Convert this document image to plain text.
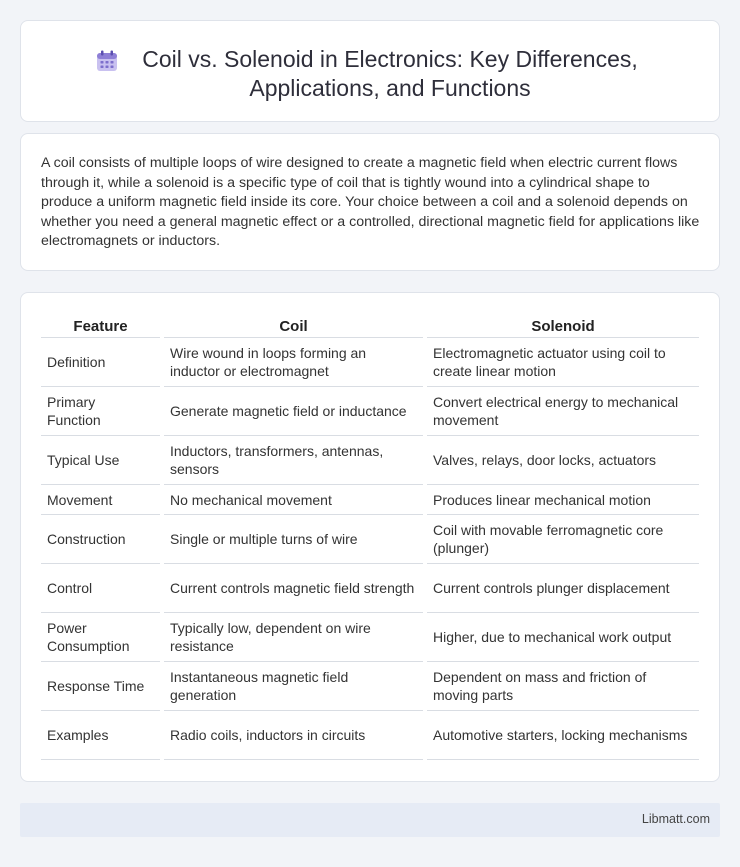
Coil vs. Solenoid in Electronics: Key Differences, Applications, and Functions

A coil consists of multiple loops of wire designed to create a magnetic field when electric current flows through it, while a solenoid is a specific type of coil that is tightly wound into a cylindrical shape to produce a uniform magnetic field inside its core. Your choice between a coil and a solenoid depends on whether you need a general magnetic effect or a controlled, directional magnetic field for applications like electromagnets or inductors.

Feature		Coil		Solenoid
Definition		Wire wound in loops forming an inductor or electromagnet		Electromagnetic actuator using coil to create linear motion
Primary Function		Generate magnetic field or inductance		Convert electrical energy to mechanical movement
Typical Use		Inductors, transformers, antennas, sensors		Valves, relays, door locks, actuators
Movement		No mechanical movement		Produces linear mechanical motion
Construction		Single or multiple turns of wire		Coil with movable ferromagnetic core (plunger)
Control		Current controls magnetic field strength		Current controls plunger displacement
Power Consumption		Typically low, dependent on wire resistance		Higher, due to mechanical work output
Response Time		Instantaneous magnetic field generation		Dependent on mass and friction of moving parts
Examples		Radio coils, inductors in circuits		Automotive starters, locking mechanisms
Libmatt.com
